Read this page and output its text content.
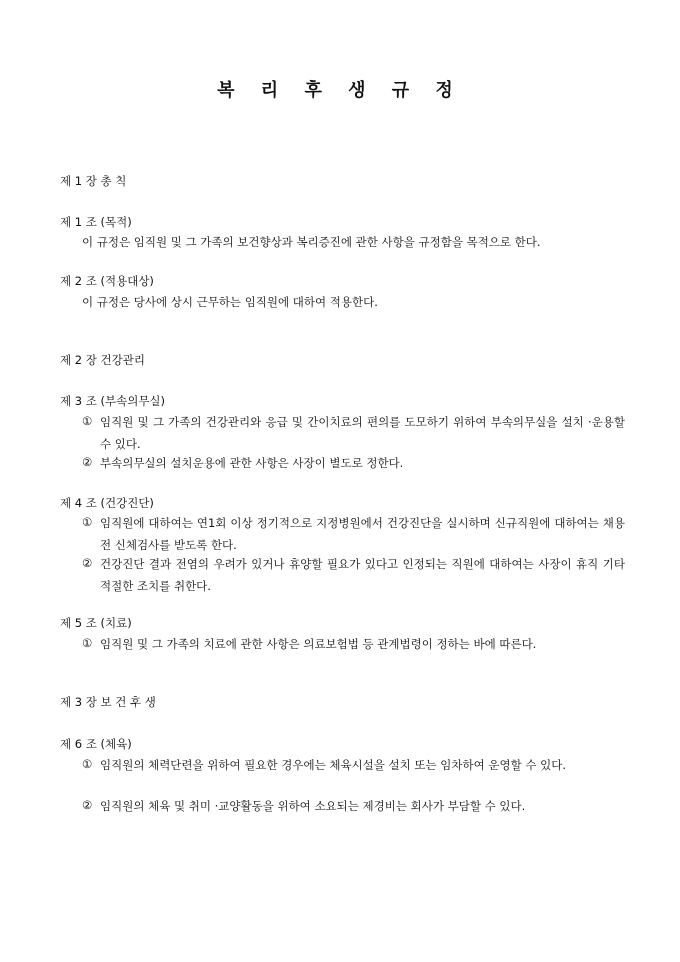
복 리 후 생 규 정
제 1 장 총 칙
제 1 조 (목적)
이 규정은 임직원 및 그 가족의 보건향상과 복리증진에 관한 사항을 규정함을 목적으로 한다.
제 2 조 (적용대상)
이 규정은 당사에 상시 근무하는 임직원에 대하여 적용한다.
제 2 장 건강관리
제 3 조 (부속의무실)
① 임직원 및 그 가족의 건강관리와 응급 및 간이치료의 편의를 도모하기 위하여 부속의무실을 설치 ·운용할수 있다.
② 부속의무실의 설치운용에 관한 사항은 사장이 별도로 정한다.
제 4 조 (건강진단)
① 임직원에 대하여는 연1회 이상 정기적으로 지정병원에서 건강진단을 실시하며 신규직원에 대하여는 채용전 신체검사를 받도록 한다.
② 건강진단 결과 전염의 우려가 있거나 휴양할 필요가 있다고 인정되는 직원에 대하여는 사장이 휴직 기타 적절한 조치를 취한다.
제 5 조 (치료)
① 임직원 및 그 가족의 치료에 관한 사항은 의료보험법 등 관계법령이 정하는 바에 따른다.
제 3 장 보 건 후 생
제 6 조 (체육)
① 임직원의 체력단련을 위하여 필요한 경우에는 체육시설을 설치 또는 임차하여 운영할 수 있다.
② 임직원의 체육 및 취미 ·교양활동을 위하여 소요되는 제경비는 회사가 부담할 수 있다.
